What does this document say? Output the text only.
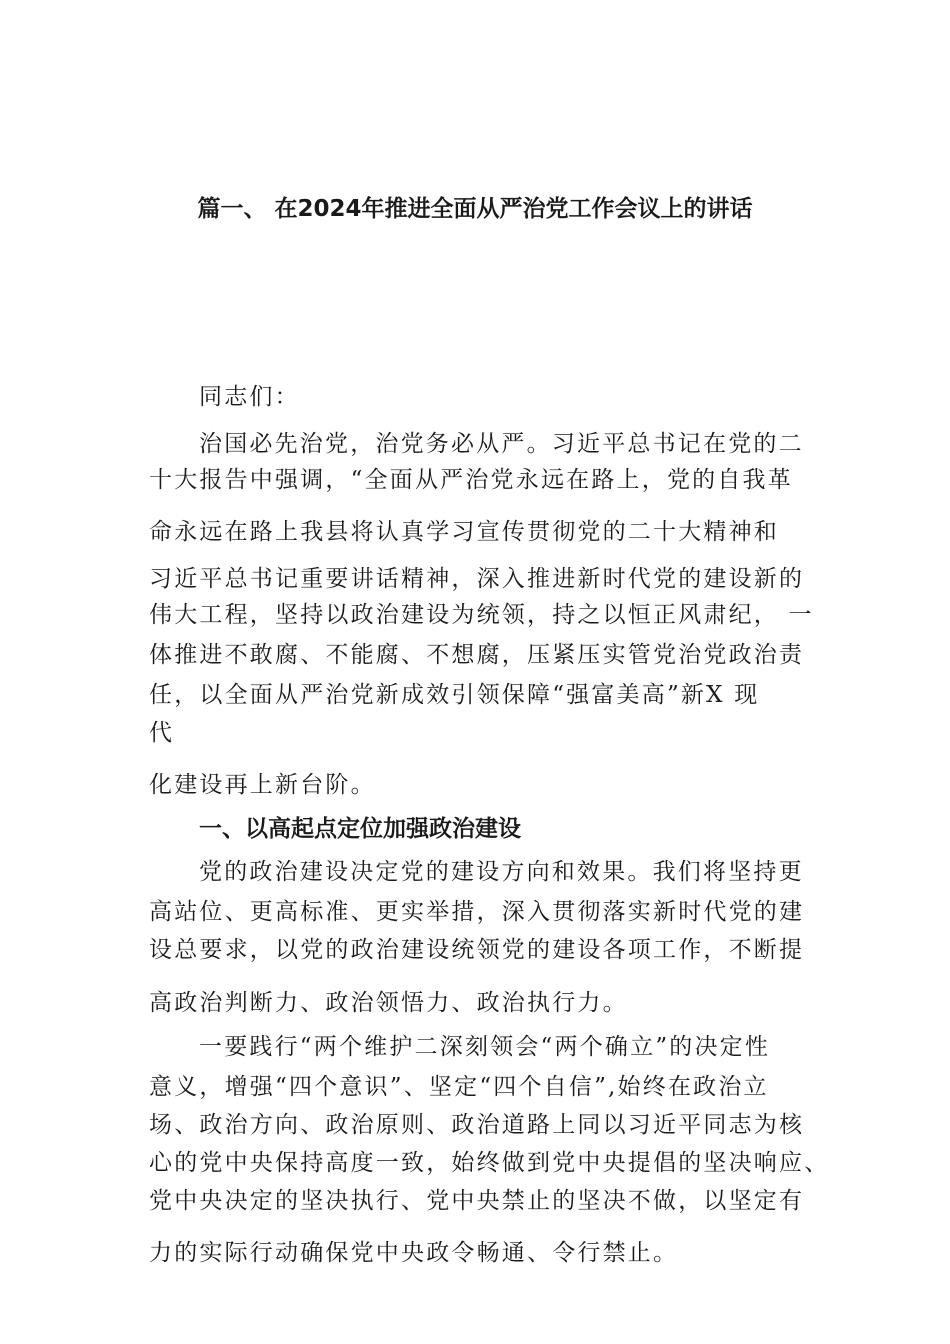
篇一、 在2024年推进全面从严治党工作会议上的讲话
同志们：
治国必先治党，治党务必从严。习近平总书记在党的二
十大报告中强调，“全面从严治党永远在路上，党的自我革
命永远在路上我县将认真学习宣传贯彻党的二十大精神和
习近平总书记重要讲话精神，深入推进新时代党的建设新的
伟大工程，坚持以政治建设为统领，持之以恒正风肃纪， 一
体推进不敢腐、不能腐、不想腐，压紧压实管党治党政治责
任，以全面从严治党新成效引领保障“强富美高”新X 现
代
化建设再上新台阶。
一、以高起点定位加强政治建设
党的政治建设决定党的建设方向和效果。我们将坚持更
高站位、更高标准、更实举措，深入贯彻落实新时代党的建
设总要求，以党的政治建设统领党的建设各项工作，不断提
高政治判断力、政治领悟力、政治执行力。
一要践行“两个维护二深刻领会“两个确立”的决定性
意义，增强“四个意识”、坚定“四个自信”,始终在政治立
场、政治方向、政治原则、政治道路上同以习近平同志为核
心的党中央保持高度一致，始终做到党中央提倡的坚决响应、
党中央决定的坚决执行、党中央禁止的坚决不做，以坚定有
力的实际行动确保党中央政令畅通、令行禁止。
